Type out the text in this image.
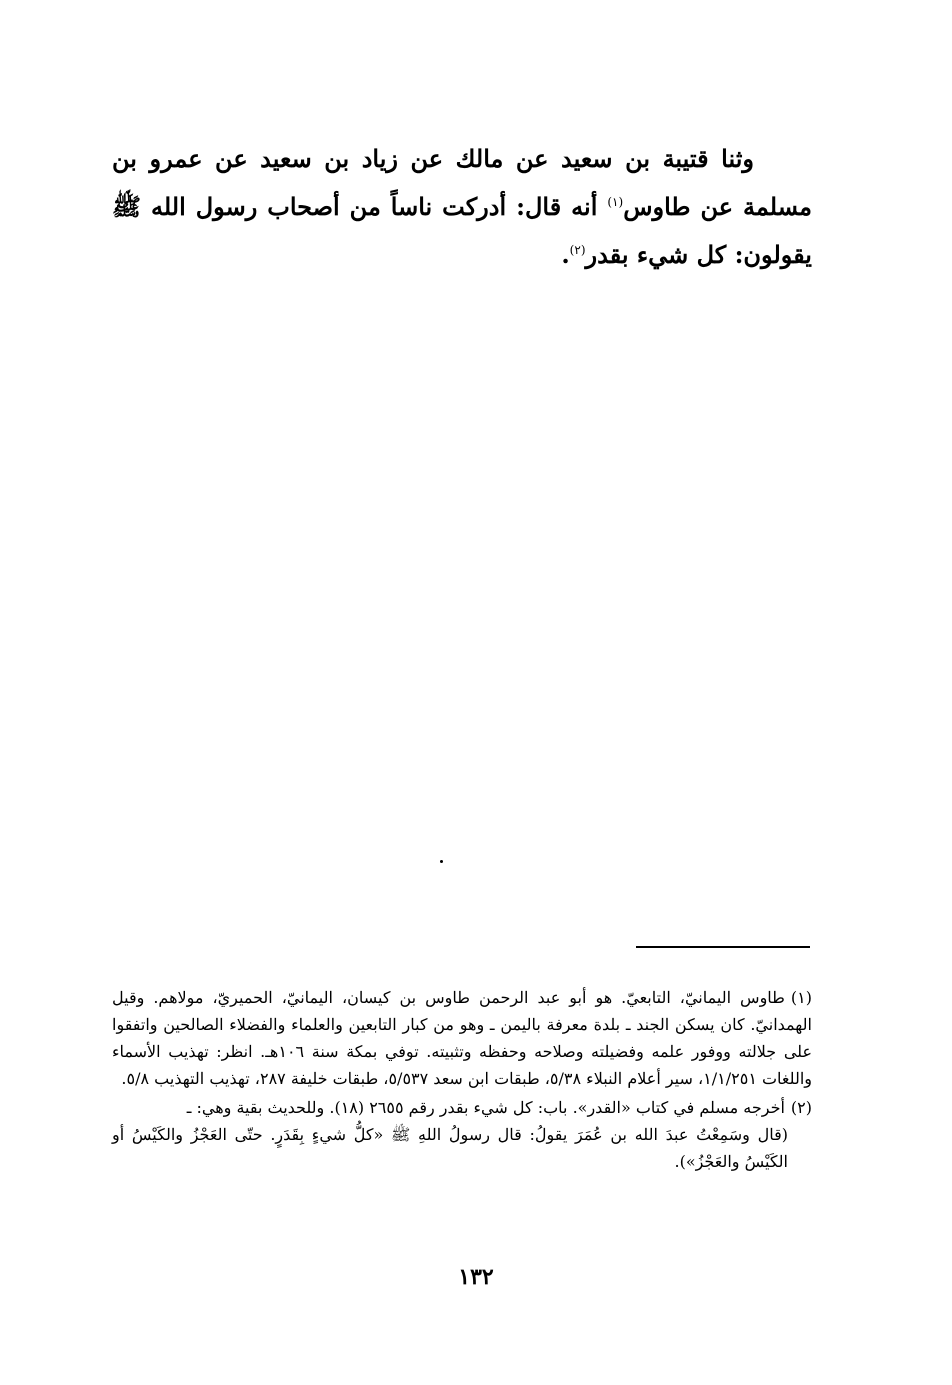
وثنا قتيبة بن سعيد عن مالك عن زياد بن سعيد عن عمرو بن مسلمة عن طاوس$^{(١)}$ أنه قال: أدركت ناساً من أصحاب رسول الله ﷺ يقولون: كل شيء بقدر$^{(٢)}$.

(١)طاوس اليمانيّ، التابعيّ. هو أبو عبد الرحمن طاوس بن كيسان، اليمانيّ، الحميريّ، مولاهم. وقيل الهمدانيّ. كان يسكن الجند ـ بلدة معرفة باليمن ـ وهو من كبار التابعين والعلماء والفضلاء الصالحين واتفقوا على جلالته ووفور علمه وفضيلته وصلاحه وحفظه وتثبيته. توفي بمكة سنة ١٠٦هـ. انظر: تهذيب الأسماء واللغات ١/١/٢٥١، سير أعلام النبلاء ٥/٣٨، طبقات ابن سعد ٥/٥٣٧، طبقات خليفة ٢٨٧، تهذيب التهذيب ٥/٨.

(٢)أخرجه مسلم في كتاب «القدر». باب: كل شيء بقدر رقم ٢٦٥٥ (١٨). وللحديث بقية وهي: ـ
(قال وسَمِعْتُ عبدَ الله بن عُمَرَ يقولُ: قال رسولُ اللهِ ﷺ «كلُّ شيءٍ بِقَدَرٍ. حتّى العَجْزُ والكَيْسُ أو الكَيْسُ والعَجْزُ»).

١٣٢
